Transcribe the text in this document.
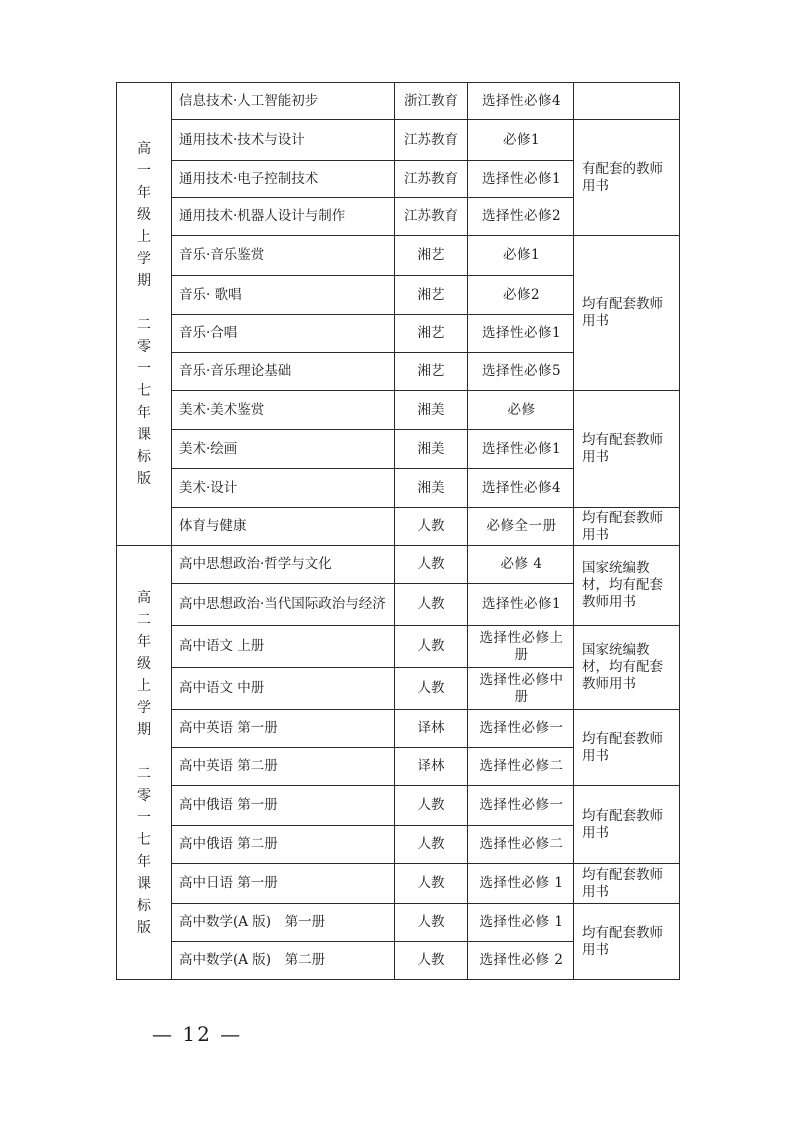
高一年级上学期
二零一七年课标版	信息技术·人工智能初步	浙江教育	选择性必修4	
	通用技术·技术与设计	江苏教育	必修1	有配套的教师用书
	通用技术·电子控制技术	江苏教育	选择性必修1	
	通用技术·机器人设计与制作	江苏教育	选择性必修2	
	音乐·音乐鉴赏	湘艺	必修1	均有配套教师用书
	音乐· 歌唱	湘艺	必修2	
	音乐·合唱	湘艺	选择性必修1	
	音乐·音乐理论基础	湘艺	选择性必修5	
	美术·美术鉴赏	湘美	必修	均有配套教师用书
	美术·绘画	湘美	选择性必修1	
	美术·设计	湘美	选择性必修4	
	体育与健康	人教	必修全一册	均有配套教师用书
高二年级上学期
二零一七年课标版	高中思想政治·哲学与文化	人教	必修 4	国家统编教材，均有配套教师用书
	高中思想政治·当代国际政治与经济	人教	选择性必修1	
	高中语文 上册	人教	选择性必修上册	国家统编教材，均有配套教师用书
	高中语文 中册	人教	选择性必修中册	
	高中英语 第一册	译林	选择性必修一	均有配套教师用书
	高中英语 第二册	译林	选择性必修二	
	高中俄语 第一册	人教	选择性必修一	均有配套教师用书
	高中俄语 第二册	人教	选择性必修二	
	高中日语 第一册	人教	选择性必修 1	均有配套教师用书
	高中数学(A 版)　第一册	人教	选择性必修 1	均有配套教师用书
	高中数学(A 版)　第二册	人教	选择性必修 2	
— 12 —
